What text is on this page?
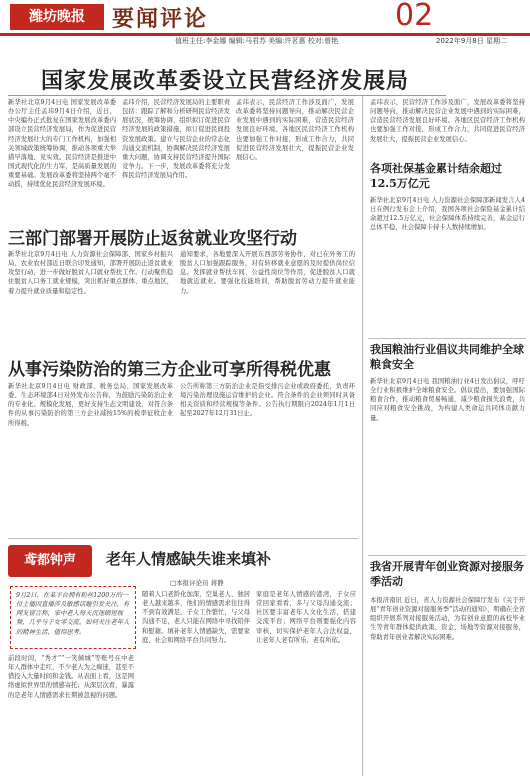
潍坊晚报	要闻评论	02
值班主任:李金娜 编辑:马君苏 美编:许茗惠 校对:曾艳	2022年9月8日 星期二
国家发展改革委设立民营经济发展局
新华社北京9月4日电 国家发展改革委办公厅主任孟玮9月4日介绍，近日，中央编办正式批复在国家发展改革委内部设立民营经济发展局，作为促进民营经济发展壮大的专门工作机构，加强相关领域政策统筹协调，推动各项重大举措早落地、见实效。民营经济是推进中国式现代化的生力军，是高质量发展的重要基础。发展改革委将坚持两个毫不动摇，持续优化民营经济发展环境。
孟玮介绍，民营经济发展局的主要职责包括：跟踪了解和分析研判民营经济发展状况，统筹协调、组织拟订促进民营经济发展的政策措施，拟订促进民间投资发展政策。建立与民营企业的常态化沟通交流机制，协调解决民营经济发展重大问题，协调支持民营经济提升国际竞争力。下一步，发展改革委将充分发挥民营经济发展局作用。
孟玮表示，民营经济工作涉及面广，发展改革委将坚持问题导向，推动解决民营企业发展中遇到的实际困难，营造民营经济发展良好环境。各地区民营经济工作机构也要加强工作对接，形成工作合力，共同促进民营经济发展壮大，提振民营企业发展信心。
孟玮表示，民营经济工作涉及面广，发展改革委将坚持问题导向，推动解决民营企业发展中遇到的实际困难，营造民营经济发展良好环境。各地区民营经济工作机构也要加强工作对接，形成工作合力，共同促进民营经济发展壮大，提振民营企业发展信心。
三部门部署开展防止返贫就业攻坚行动
新华社北京9月4日电 人力资源社会保障部、国家乡村振兴局、农业农村部近日联合印发通知，部署开展防止返贫就业攻坚行动，进一步做好脱贫人口就业帮扶工作。行动聚焦稳住脱贫人口务工就业规模，突出抓好重点群体、重点地区，着力提升就业质量和稳定性。
通知要求，各地要深入开展东西部劳务协作，对已在外务工的脱贫人口加强跟踪服务，对有转移就业意愿的及时提供岗位信息。发挥就业帮扶车间、公益性岗位等作用，促进脱贫人口就地就近就业。要强化技能培训，帮助脱贫劳动力提升就业能力。
从事污染防治的第三方企业可享所得税优惠
新华社北京9月4日电 财政部、税务总局、国家发展改革委、生态环境部4日对外发布公告称，为鼓励污染防治企业的专业化、规模化发展，更好支持生态文明建设，对符合条件的从事污染防治的第三方企业减按15%的税率征收企业所得税。
公告所称第三方防治企业是指受排污企业或政府委托，负责环境污染治理设施运营维护的企业。符合条件的企业须同时具备相关资质和经营规模等条件。公告执行期限自2024年1月1日起至2027年12月31日止。
鸢都钟声	老年人情感缺失谁来填补
□本报评论员 蒋静
9月2日，在某平台拥有粉丝1200万的一位主播因直播涉及敏感话题引发关注，有网友留言称，家中老人每天沉迷刷短视频，几乎与子女零交流。如何关注老年人的精神生活，值得思考。
前段时间，“秀才”“一笑倾城”等账号在中老年人群体中走红，不少老人为之痴迷，甚至不惜投入大量时间和金钱。从表面上看，这是网络虚拟世界里的情感寄托；从深层次看，暴露的是老年人情感需求长期被忽视的问题。
随着人口老龄化加深，空巢老人、独居老人越来越多，他们的情感需求往往得不到有效满足。子女工作繁忙，与父母沟通不足，老人只能在网络中寻找陪伴和慰藉。填补老年人情感缺失，需要家庭、社会和网络平台共同努力。
家庭是老年人情感的港湾，子女应常回家看看，多与父母沟通交流；社区要丰富老年人文化生活，搭建交流平台；网络平台则要强化内容审核，切实保护老年人合法权益，让老年人老有所乐、老有所依。
各项社保基金累计结余超过12.5万亿元
新华社北京9月4日电 人力资源社会保障部新闻发言人4日在例行发布会上介绍，我国各项社会保险基金累计结余超过12.5万亿元，社会保障体系持续完善，基金运行总体平稳，社会保障卡持卡人数持续增加。
我国粮油行业倡议共同维护全球粮食安全
新华社北京9月4日电 我国粮油行业4日发出倡议，呼吁全行业积极维护全球粮食安全。倡议提出，要加强国际粮食合作，推动粮食贸易畅通，减少粮食损失浪费，共同应对粮食安全挑战，为构建人类命运共同体贡献力量。
我省开展青年创业资源对接服务季活动
本报济南讯 近日，省人力资源社会保障厅发布《关于开展“青年创业资源对接服务季”活动的通知》，明确在全省组织开展系列对接服务活动，为有创业意愿的高校毕业生等青年群体提供政策、资金、场地等资源对接服务，帮助青年创业者解决实际困难。
